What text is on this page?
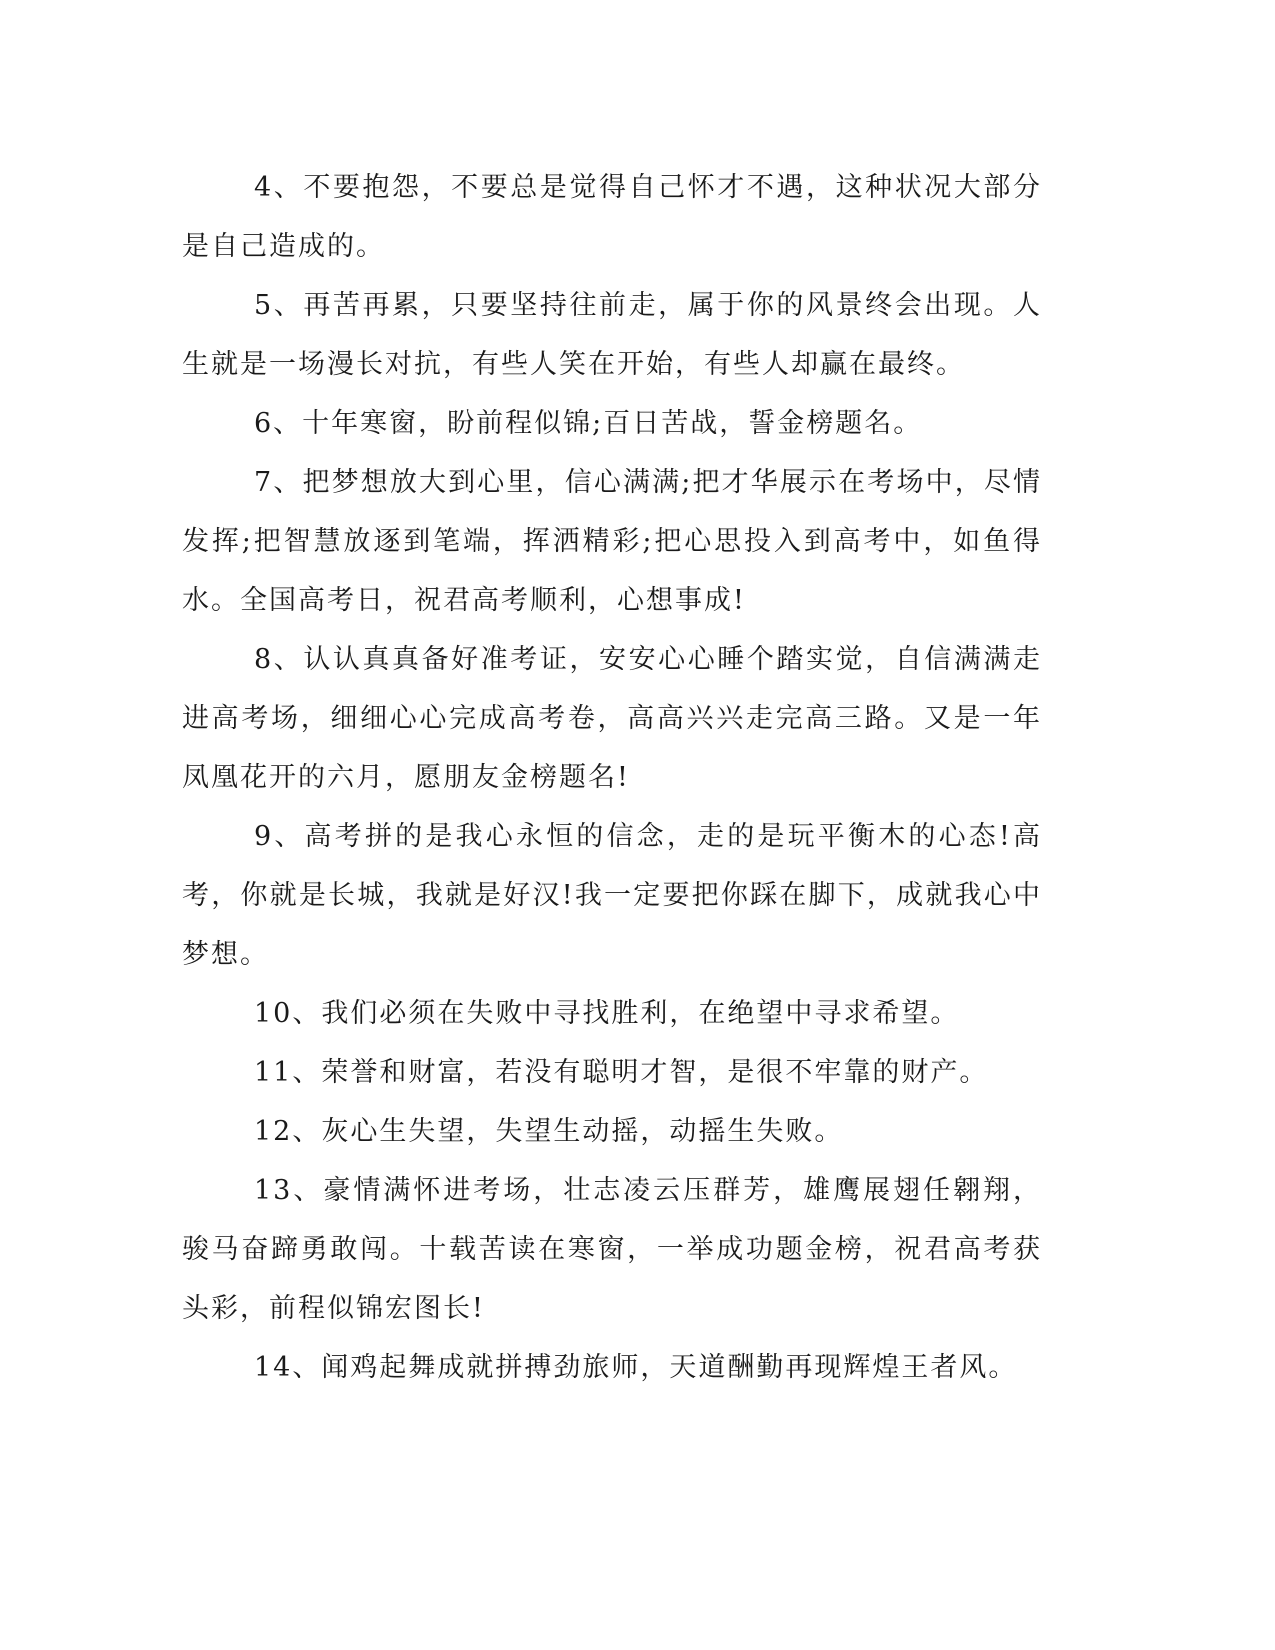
4、不要抱怨，不要总是觉得自己怀才不遇，这种状况大部分是自己造成的。

5、再苦再累，只要坚持往前走，属于你的风景终会出现。人生就是一场漫长对抗，有些人笑在开始，有些人却赢在最终。

6、十年寒窗，盼前程似锦;百日苦战，誓金榜题名。

7、把梦想放大到心里，信心满满;把才华展示在考场中，尽情发挥;把智慧放逐到笔端，挥洒精彩;把心思投入到高考中，如鱼得水。全国高考日，祝君高考顺利，心想事成!

8、认认真真备好准考证，安安心心睡个踏实觉，自信满满走进高考场，细细心心完成高考卷，高高兴兴走完高三路。又是一年凤凰花开的六月，愿朋友金榜题名!

9、高考拼的是我心永恒的信念，走的是玩平衡木的心态!高考，你就是长城，我就是好汉!我一定要把你踩在脚下，成就我心中梦想。

10、我们必须在失败中寻找胜利，在绝望中寻求希望。

11、荣誉和财富，若没有聪明才智，是很不牢靠的财产。

12、灰心生失望，失望生动摇，动摇生失败。

13、豪情满怀进考场，壮志凌云压群芳，雄鹰展翅任翱翔，骏马奋蹄勇敢闯。十载苦读在寒窗，一举成功题金榜，祝君高考获头彩，前程似锦宏图长!

14、闻鸡起舞成就拼搏劲旅师，天道酬勤再现辉煌王者风。
